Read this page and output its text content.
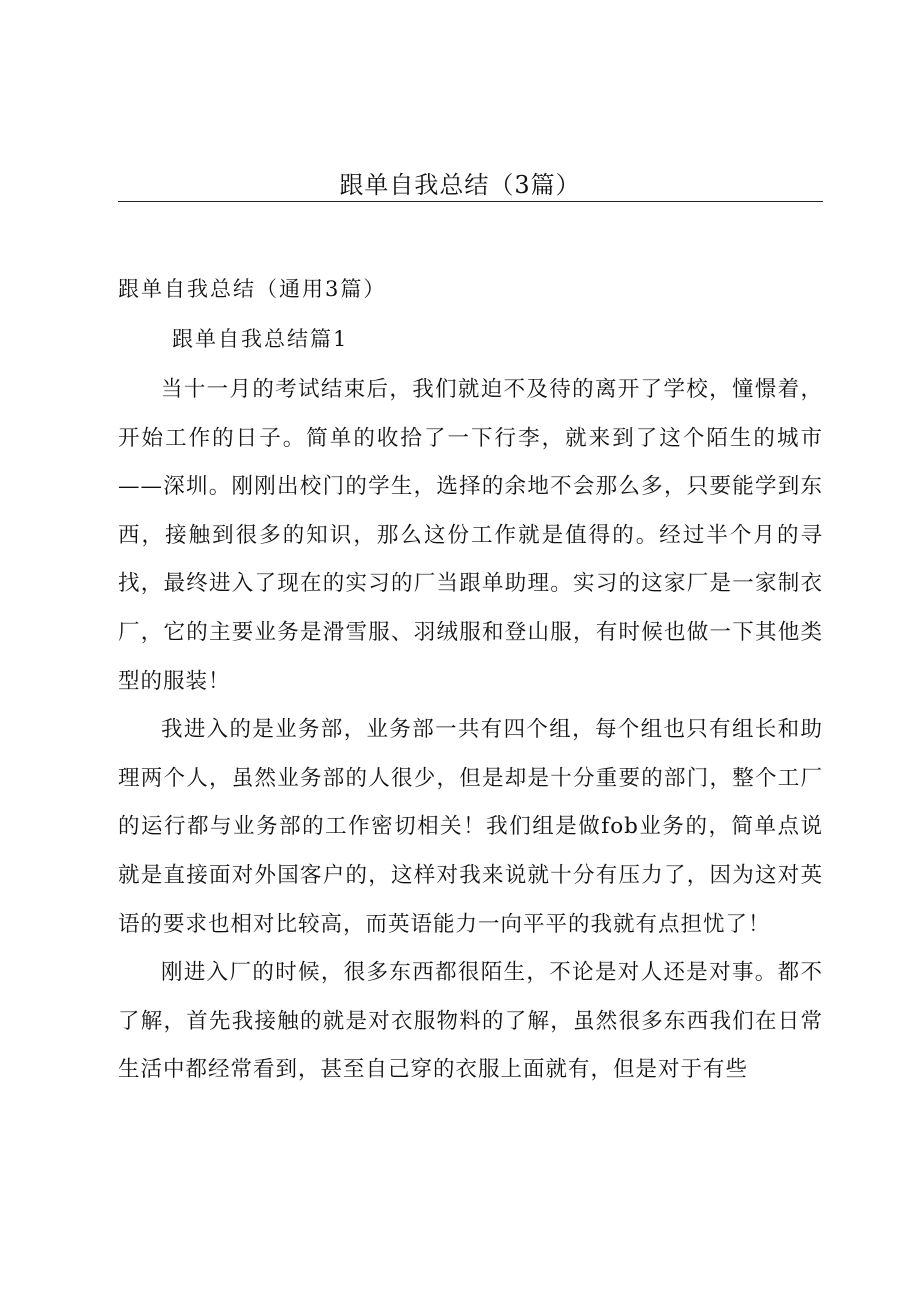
跟单自我总结（3篇）
跟单自我总结（通用3篇）
跟单自我总结篇1

当十一月的考试结束后，我们就迫不及待的离开了学校，憧憬着，开始工作的日子。简单的收拾了一下行李，就来到了这个陌生的城市——深圳。刚刚出校门的学生，选择的余地不会那么多，只要能学到东西，接触到很多的知识，那么这份工作就是值得的。经过半个月的寻找，最终进入了现在的实习的厂当跟单助理。实习的这家厂是一家制衣厂，它的主要业务是滑雪服、羽绒服和登山服，有时候也做一下其他类型的服装！

我进入的是业务部，业务部一共有四个组，每个组也只有组长和助理两个人，虽然业务部的人很少，但是却是十分重要的部门，整个工厂的运行都与业务部的工作密切相关！我们组是做fob业务的，简单点说就是直接面对外国客户的，这样对我来说就十分有压力了，因为这对英语的要求也相对比较高，而英语能力一向平平的我就有点担忧了！

刚进入厂的时候，很多东西都很陌生，不论是对人还是对事。都不了解，首先我接触的就是对衣服物料的了解，虽然很多东西我们在日常生活中都经常看到，甚至自己穿的衣服上面就有，但是对于有些
